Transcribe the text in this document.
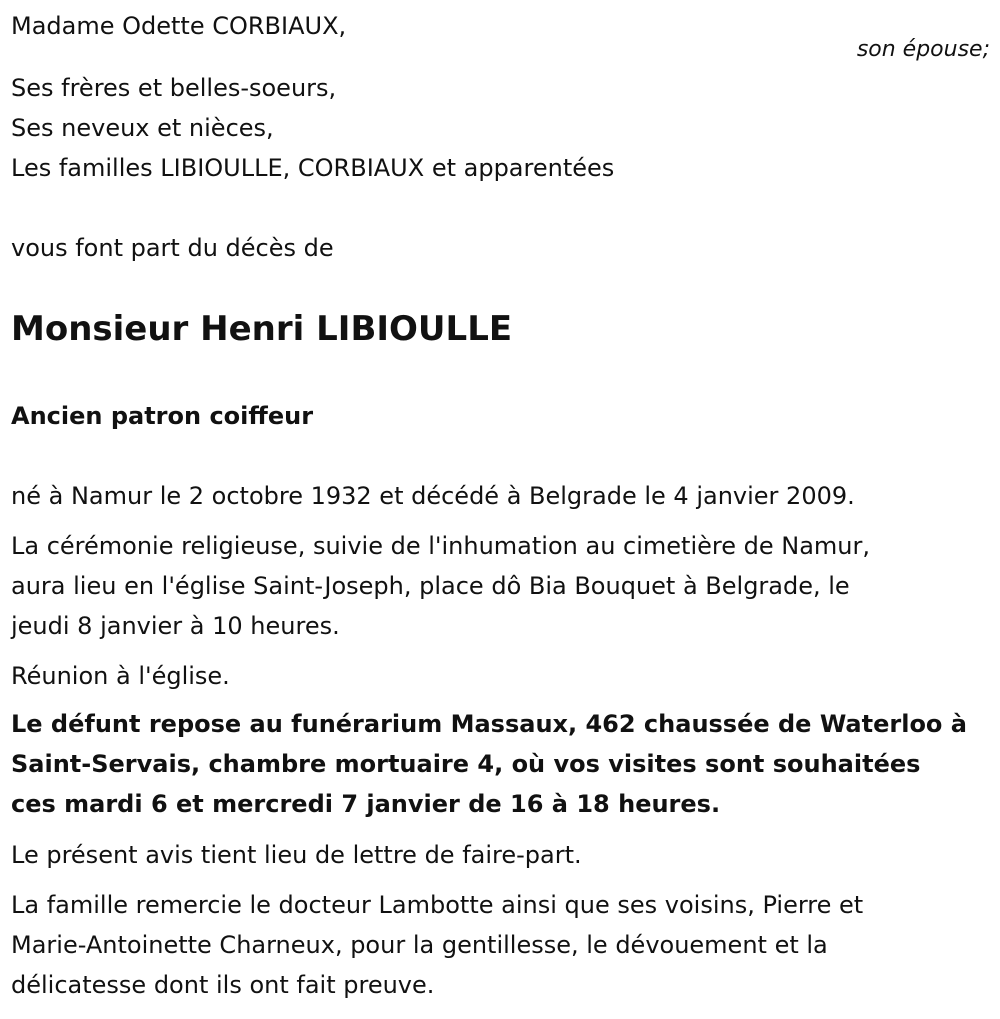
son épouse;
Madame Odette CORBIAUX,
Ses frères et belles-soeurs,
Ses neveux et nièces,
Les familles LIBIOULLE, CORBIAUX et apparentées
vous font part du décès de
Monsieur Henri LIBIOULLE
Ancien patron coiffeur
né à Namur le 2 octobre 1932 et décédé à Belgrade le 4 janvier 2009.
La cérémonie religieuse, suivie de l'inhumation au cimetière de Namur,
aura lieu en l'église Saint-Joseph, place dô Bia Bouquet à Belgrade, le
jeudi 8 janvier à 10 heures.
Réunion à l'église.
Le défunt repose au funérarium Massaux, 462 chaussée de Waterloo à
Saint-Servais, chambre mortuaire 4, où vos visites sont souhaitées
ces mardi 6 et mercredi 7 janvier de 16 à 18 heures.
Le présent avis tient lieu de lettre de faire-part.
La famille remercie le docteur Lambotte ainsi que ses voisins, Pierre et
Marie-Antoinette Charneux, pour la gentillesse, le dévouement et la
délicatesse dont ils ont fait preuve.
